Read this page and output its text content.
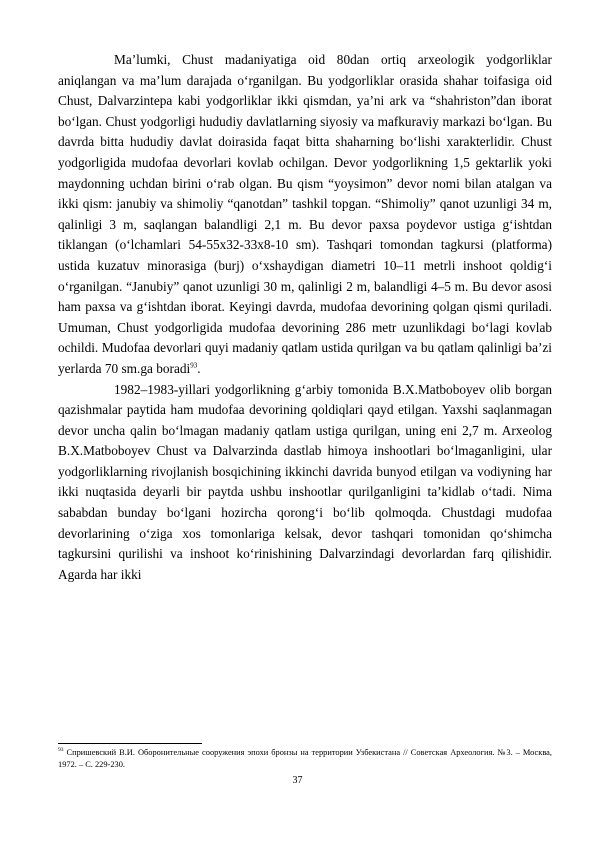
Ma’lumki, Chust madaniyatiga oid 80dan ortiq arxeologik yodgorliklar aniqlangan va ma’lum darajada o‘rganilgan. Bu yodgorliklar orasida shahar toifasiga oid Chust, Dalvarzintepa kabi yodgorliklar ikki qismdan, ya’ni ark va “shahriston”dan iborat bo‘lgan. Chust yodgorligi hududiy davlatlarning siyosiy va mafkuraviy markazi bo‘lgan. Bu davrda bitta hududiy davlat doirasida faqat bitta shaharning bo‘lishi xarakterlidir. Chust yodgorligida mudofaa devorlari kovlab ochilgan. Devor yodgorlikning 1,5 gektarlik yoki maydonning uchdan birini o‘rab olgan. Bu qism “yoysimon” devor nomi bilan atalgan va ikki qism: janubiy va shimoliy “qanotdan” tashkil topgan. “Shimoliy” qanot uzunligi 34 m, qalinligi 3 m, saqlangan balandligi 2,1 m. Bu devor paxsa poydevor ustiga g‘ishtdan tiklangan (o‘lchamlari 54-55x32-33x8-10 sm). Tashqari tomondan tagkursi (platforma) ustida kuzatuv minorasiga (burj) o‘xshaydigan diametri 10–11 metrli inshoot qoldig‘i o‘rganilgan. “Janubiy” qanot uzunligi 30 m, qalinligi 2 m, balandligi 4–5 m. Bu devor asosi ham paxsa va g‘ishtdan iborat. Keyingi davrda, mudofaa devorining qolgan qismi quriladi. Umuman, Chust yodgorligida mudofaa devorining 286 metr uzunlikdagi bo‘lagi kovlab ochildi. Mudofaa devorlari quyi madaniy qatlam ustida qurilgan va bu qatlam qalinligi ba’zi yerlarda 70 sm.ga boradi$^{93}$.

1982–1983-yillari yodgorlikning g‘arbiy tomonida B.X.Matboboyev olib borgan qazishmalar paytida ham mudofaa devorining qoldiqlari qayd etilgan. Yaxshi saqlanmagan devor uncha qalin bo‘lmagan madaniy qatlam ustiga qurilgan, uning eni 2,7 m. Arxeolog B.X.Matboboyev Chust va Dalvarzinda dastlab himoya inshootlari bo‘lmaganligini, ular yodgorliklarning rivojlanish bosqichining ikkinchi davrida bunyod etilgan va vodiyning har ikki nuqtasida deyarli bir paytda ushbu inshootlar qurilganligini ta’kidlab o‘tadi. Nima sababdan bunday bo‘lgani hozircha qorong‘i bo‘lib qolmoqda. Chustdagi mudofaa devorlarining o‘ziga xos tomonlariga kelsak, devor tashqari tomonidan qo‘shimcha tagkursini qurilishi va inshoot ko‘rinishining Dalvarzindagi devorlardan farq qilishidir. Agarda har ikki

$^{93}$ Спришевский В.И. Оборонительные сооружения эпохи бронзы на территории Узбекистана // Советская Археология. №3. – Москва, 1972. – С. 229-230.

37
